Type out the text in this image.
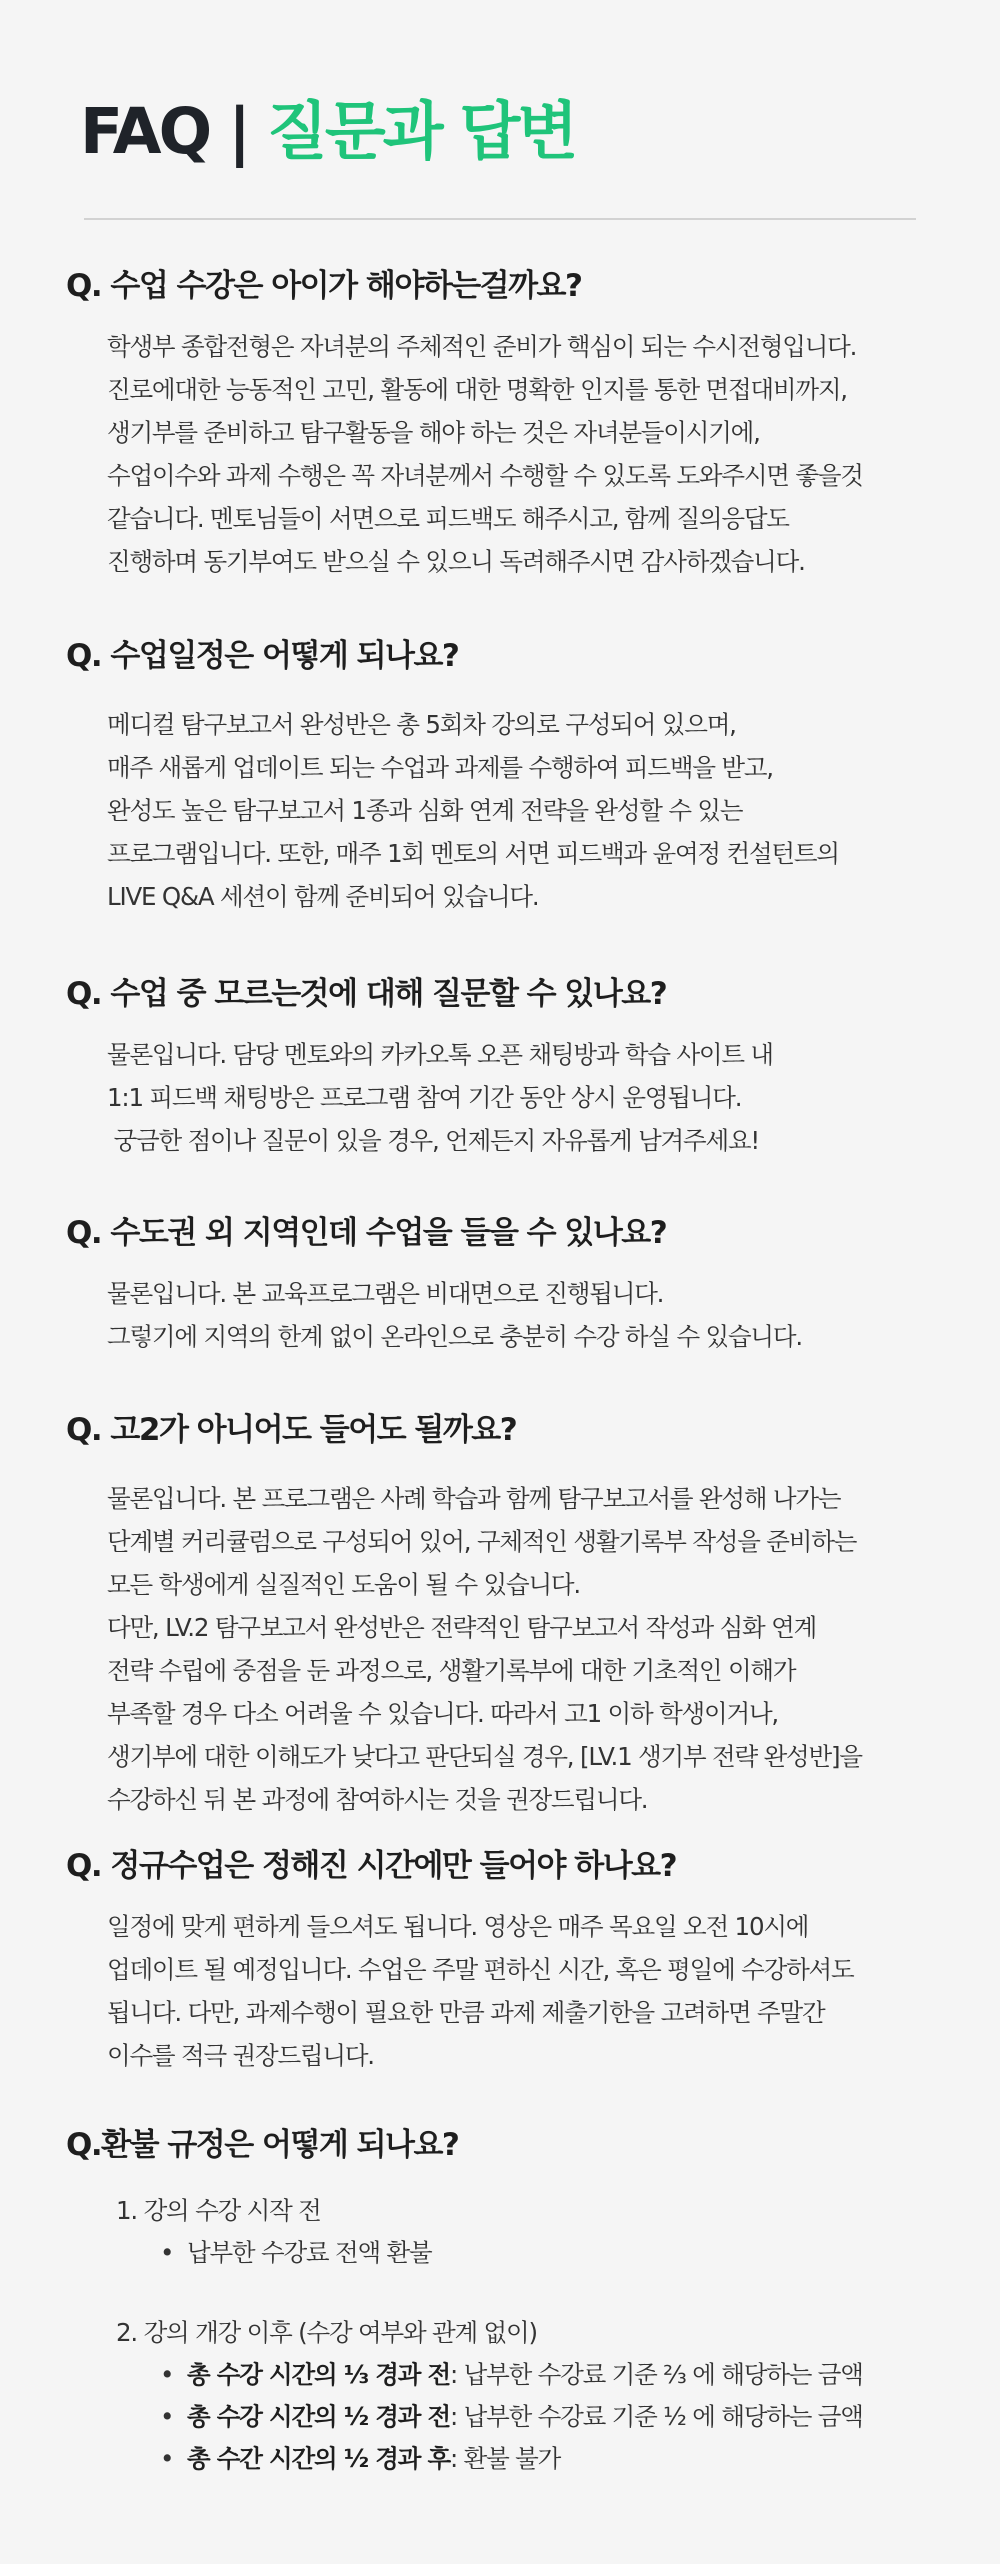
FAQ | 질문과 답변
Q. 수업 수강은 아이가 해야하는걸까요?
학생부 종합전형은 자녀분의 주체적인 준비가 핵심이 되는 수시전형입니다.
진로에대한 능동적인 고민, 활동에 대한 명확한 인지를 통한 면접대비까지,
생기부를 준비하고 탐구활동을 해야 하는 것은 자녀분들이시기에,
수업이수와 과제 수행은 꼭 자녀분께서 수행할 수 있도록 도와주시면 좋을것
같습니다. 멘토님들이 서면으로 피드백도 해주시고, 함께 질의응답도
진행하며 동기부여도 받으실 수 있으니 독려해주시면 감사하겠습니다.
Q. 수업일정은 어떻게 되나요?
메디컬 탐구보고서 완성반은 총 5회차 강의로 구성되어 있으며,
매주 새롭게 업데이트 되는 수업과 과제를 수행하여 피드백을 받고,
완성도 높은 탐구보고서 1종과 심화 연계 전략을 완성할 수 있는
프로그램입니다. 또한, 매주 1회 멘토의 서면 피드백과 윤여정 컨설턴트의
LIVE Q&A 세션이 함께 준비되어 있습니다.
Q. 수업 중 모르는것에 대해 질문할 수 있나요?
물론입니다. 담당 멘토와의 카카오톡 오픈 채팅방과 학습 사이트 내
1:1 피드백 채팅방은 프로그램 참여 기간 동안 상시 운영됩니다.
궁금한 점이나 질문이 있을 경우, 언제든지 자유롭게 남겨주세요!
Q. 수도권 외 지역인데 수업을 들을 수 있나요?
물론입니다. 본 교육프로그램은 비대면으로 진행됩니다.
그렇기에 지역의 한계 없이 온라인으로 충분히 수강 하실 수 있습니다.
Q. 고2가 아니어도 들어도 될까요?
물론입니다. 본 프로그램은 사례 학습과 함께 탐구보고서를 완성해 나가는
단계별 커리큘럼으로 구성되어 있어, 구체적인 생활기록부 작성을 준비하는
모든 학생에게 실질적인 도움이 될 수 있습니다.
다만, LV.2 탐구보고서 완성반은 전략적인 탐구보고서 작성과 심화 연계
전략 수립에 중점을 둔 과정으로, 생활기록부에 대한 기초적인 이해가
부족할 경우 다소 어려울 수 있습니다. 따라서 고1 이하 학생이거나,
생기부에 대한 이해도가 낮다고 판단되실 경우, [LV.1 생기부 전략 완성반]을
수강하신 뒤 본 과정에 참여하시는 것을 권장드립니다.
Q. 정규수업은 정해진 시간에만 들어야 하나요?
일정에 맞게 편하게 들으셔도 됩니다. 영상은 매주 목요일 오전 10시에
업데이트 될 예정입니다. 수업은 주말 편하신 시간, 혹은 평일에 수강하셔도
됩니다. 다만, 과제수행이 필요한 만큼 과제 제출기한을 고려하면 주말간
이수를 적극 권장드립니다.
Q.환불 규정은 어떻게 되나요?
1. 강의 수강 시작 전
• 납부한 수강료 전액 환불
2. 강의 개강 이후 (수강 여부와 관계 없이)
• 총 수강 시간의 ⅓ 경과 전: 납부한 수강료 기준 ⅔ 에 해당하는 금액
• 총 수강 시간의 ½ 경과 전: 납부한 수강료 기준 ½ 에 해당하는 금액
• 총 수간 시간의 ½ 경과 후: 환불 불가
